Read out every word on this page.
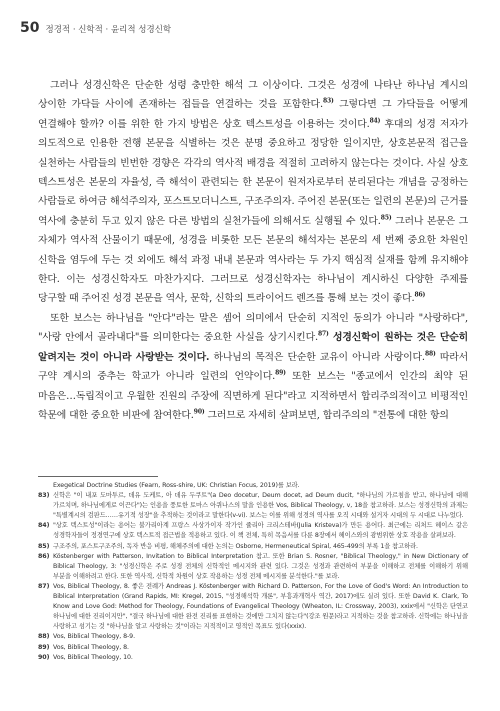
50 정경적 · 신학적 · 윤리적 성경신학

그러나 성경신학은 단순한 성령 충만한 해석 그 이상이다. 그것은 성경에 나타난 하나님 계시의 상이한 가닥들 사이에 존재하는 접들을 연결하는 것을 포함한다.$^{83)}$ 그렇다면 그 가닥들을 어떻게 연결해야 할까? 이를 위한 한 가지 방법은 상호 텍스트성을 이용하는 것이다.$^{84)}$ 후대의 성경 저자가 의도적으로 인용한 전행 본문을 식별하는 것은 분명 중요하고 정당한 일이지만, 상호본문적 접근을 실천하는 사람들의 빈번한 경향은 각각의 역사적 배경을 적절히 고려하지 않는다는 것이다. 사실 상호 텍스트성은 본문의 자율성, 즉 해석이 관련되는 한 본문이 원저자로부터 분리된다는 개념을 긍정하는 사람들로 하여금 해석주의자, 포스트모더니스트, 구조주의자. 주어진 본문(또는 일련의 본문)의 근거를 역사에 충분히 두고 있지 않은 다른 방법의 실천가들에 의해서도 실행될 수 있다.$^{85)}$ 그러나 본문은 그 자체가 역사적 산물이기 때문에, 성경을 비롯한 모든 본문의 해석자는 본문의 세 번째 중요한 차원인 신학을 염두에 두는 것 외에도 해석 과정 내내 본문과 역사라는 두 가지 핵심적 실재를 함께 유지해야 한다. 이는 성경신학자도 마찬가지다. 그러므로 성경신학자는 하나님이 계시하신 다양한 주제를 당구할 때 주어진 성경 본문을 역사, 문학, 신학의 트라이어드 렌즈를 통해 보는 것이 좋다.$^{86)}$

또한 보스는 하나님을 "안다"라는 말은 셈어 의미에서 단순히 지적인 동의가 아니라 "사랑하다", "사랑 안에서 골라내다"를 의미한다는 중요한 사실을 상기시킨다.$^{87)}$ 성경신학이 원하는 것은 단순히 알려지는 것이 아니라 사랑받는 것이다. 하나님의 목적은 단순한 교유이 아니라 사랑이다.$^{88)}$ 따라서 구약 계시의 중추는 학교가 아니라 일련의 언약이다.$^{89)}$ 또한 보스는 "종교에서 인간의 최약 된 마음은…독립적이고 우월한 진원의 주장에 직면하게 된다"라고 지적하면서 합리주의적이고 비평적인 학문에 대한 중요한 비판에 참여한다.$^{90)}$ 그러므로 자세히 살펴보면, 합리주의의 "전통에 대한 항의

Exegetical Doctrine Studies (Fearn, Ross-shire, UK: Christian Focus, 2019)를 보라.
83) 신학은 "이 내포 도마투르, 데유 도케트, 아 데유 두쿠트"(a Deo docetur, Deum docet, ad Deum ducit, "하나님의 가르침을 받고, 하나님에 대해 가르치며, 하나님에게로 이끈다")는 인용을 풍토한 토마스 아퀴나스의 말을 인용한 Vos, Biblical Theology, v, 18을 참고하라. 보스는 성경신학의 과제는 "특별계시의 검판드……유기적 성장"을 추적하는 것이라고 말한다(v-vi). 보스는 이를 위해 성경의 역사를 오직 시대와 설거자 시대의 두 시대로 나누었다.
84) "상호 텍스트성"이라는 용어는 불가리아계 프랑스 사상가이자 작가인 쥴리아 크리스테바(Julia Kristeva)가 만든 용어다. 최근에는 리처드 헤이스 같은 성경학자들이 정경연구에 상호 텍스트적 접근법을 적용하고 있다. 이 책 전체, 특히 목음서를 다룬 8장에서 헤이스와의 광범위한 상호 작용을 살펴보라.
85) 구조주의, 포스트구조주의, 독자 반응 비평, 해체주의에 대한 논의는 Osborne, Hermeneutical Spiral, 465-499의 부록 1을 참고하라.
86) Köstenberger with Patterson, Invitation to Biblical Interpretation 참고. 또한 Brian S. Rosner, "Biblical Theology," in New Dictionary of Biblical Theology, 3: "성경신학은 주로 성경 전체의 신학적인 메시지와 관련 있다. 그것은 성경과 관련하여 부분을 이해하고 전체를 이해하기 위해 부분을 이해하려고 한다. 또한 역사적, 신학적 차원이 상호 작용하는 성경 전체 메시지를 분석한다."를 보라.
87) Vos, Biblical Theology, 8. 좋은 전례가 Andreas J. Köstenberger with Richard D. Patterson, For the Love of God's Word: An Introduction to Biblical Interpretation (Grand Rapids, MI: Kregel, 2015, "성경해석학 개론", 부흥과개혁사 역간, 2017)에도 실려 있다. 또한 David K. Clark, To Know and Love God: Method for Theology, Foundations of Evangelical Theology (Wheaton, IL: Crossway, 2003), xxix에서 "신학은 단연코 하나님에 대한 진리이지만", "결국 하나님에 대한 완전 진리를 표현하는 것에만 그치지 않는다"(강조 원문)라고 지적하는 것을 참고하라. 신학에는 하나님을 사랑하고 섬기는 것 "하나님을 알고 사랑하는 것"이라는 지적적이고 영적인 목표도 있다(xxix).
88) Vos, Biblical Theology, 8-9.
89) Vos, Biblical Theology, 8.
90) Vos, Biblical Theology, 10.
